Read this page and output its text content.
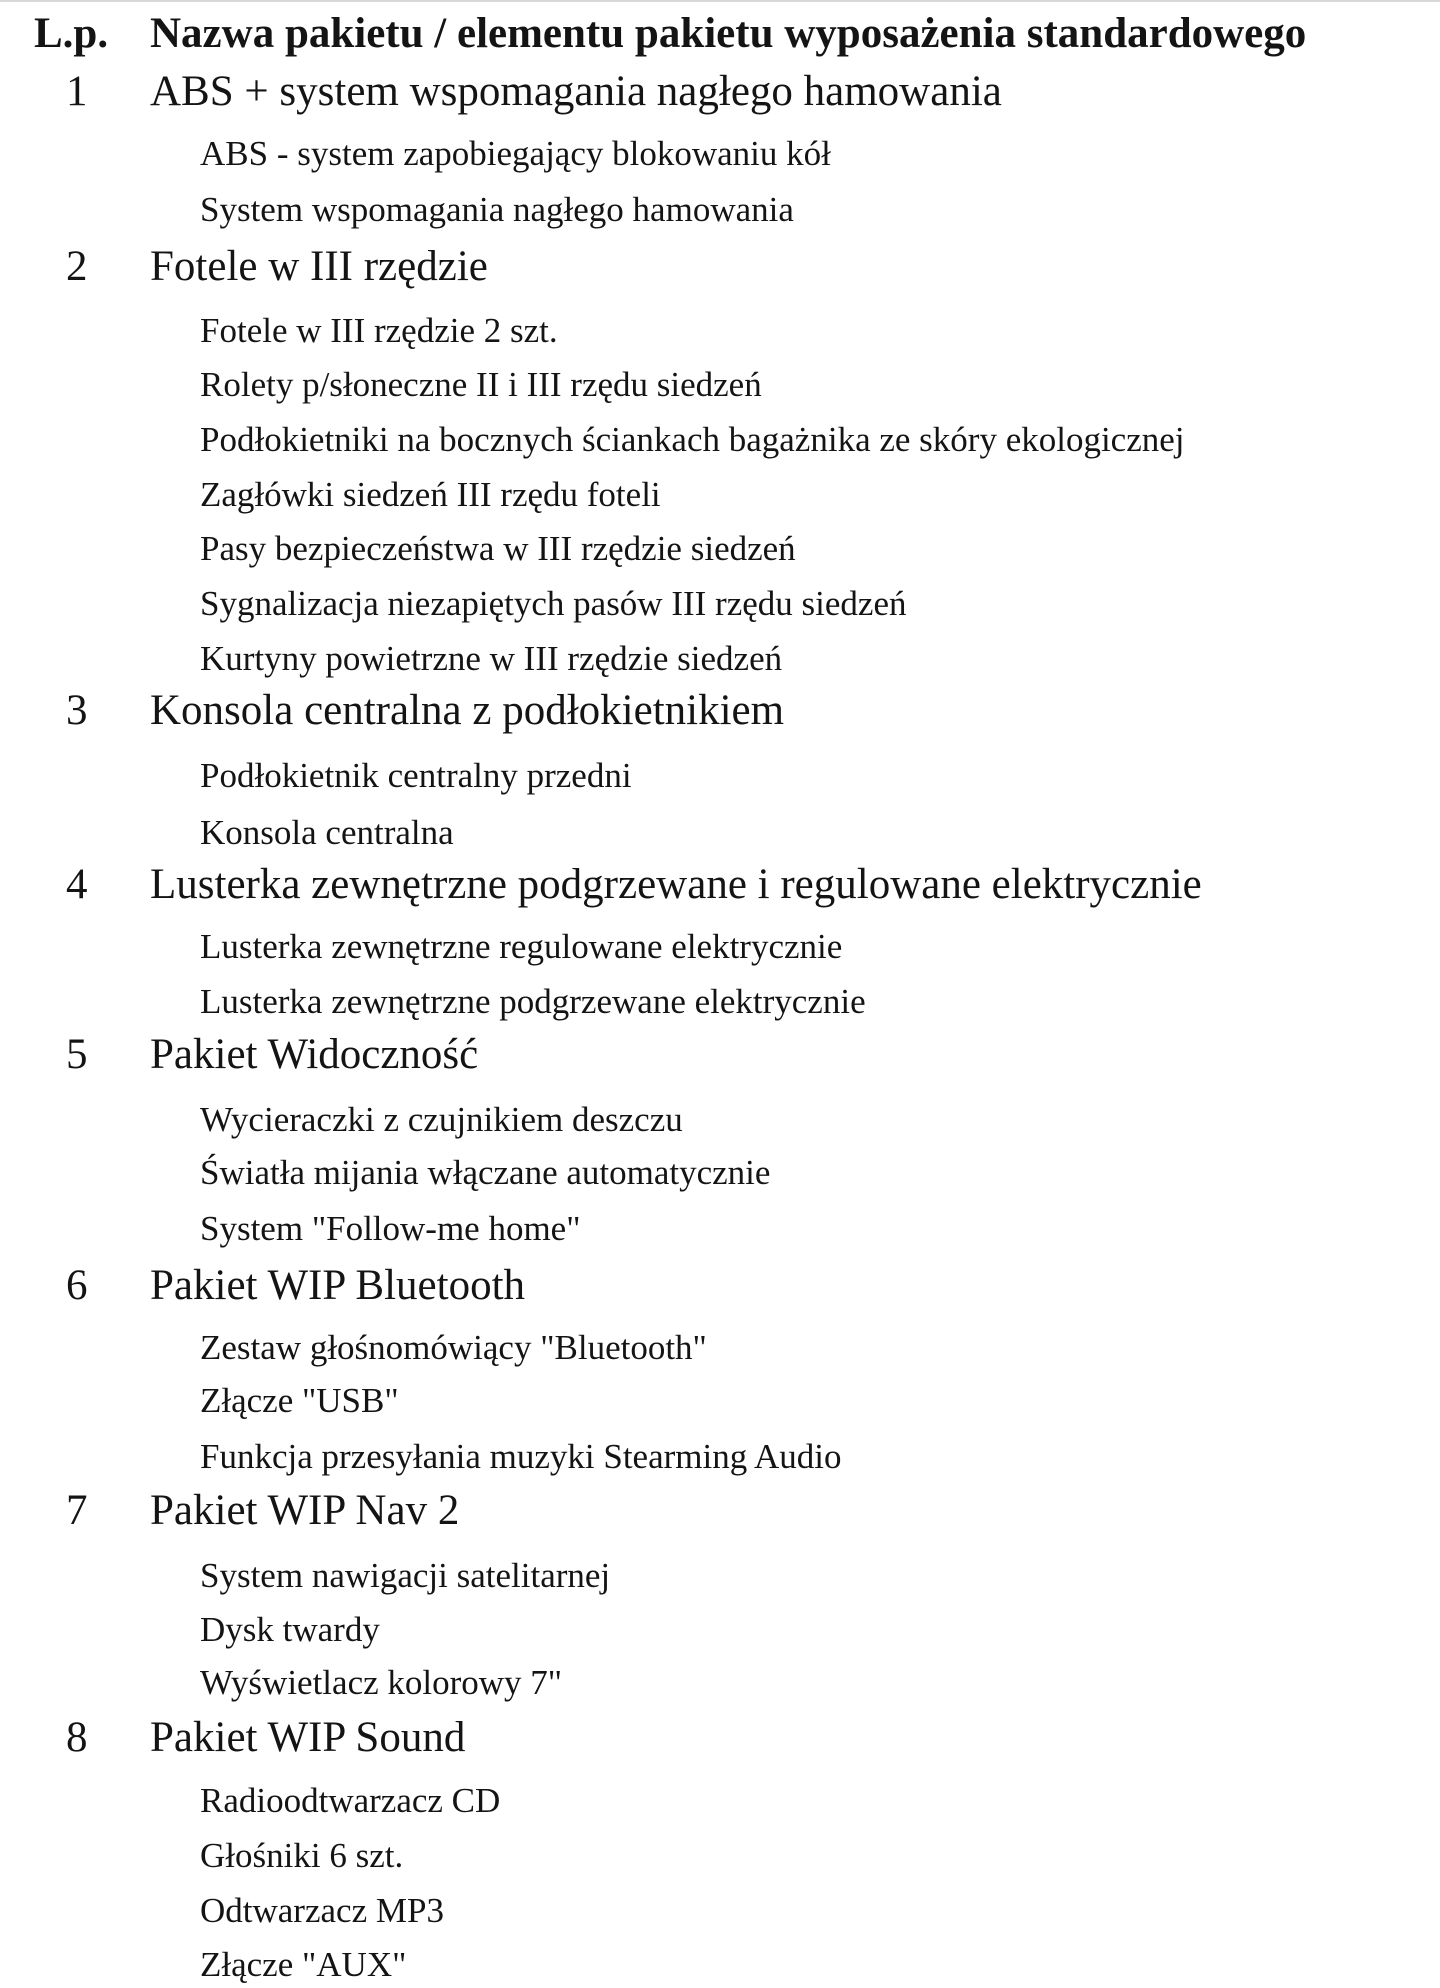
L.p. Nazwa pakietu / elementu pakietu wyposażenia standardowego
1 ABS + system wspomagania nagłego hamowania
ABS - system zapobiegający blokowaniu kół
System wspomagania nagłego hamowania
2 Fotele w III rzędzie
Fotele w III rzędzie 2 szt.
Rolety p/słoneczne II i III rzędu siedzeń
Podłokietniki na bocznych ściankach bagażnika ze skóry ekologicznej
Zagłówki siedzeń III rzędu foteli
Pasy bezpieczeństwa w III rzędzie siedzeń
Sygnalizacja niezapiętych pasów III rzędu siedzeń
Kurtyny powietrzne w III rzędzie siedzeń
3 Konsola centralna z podłokietnikiem
Podłokietnik centralny przedni
Konsola centralna
4 Lusterka zewnętrzne podgrzewane i regulowane elektrycznie
Lusterka zewnętrzne regulowane elektrycznie
Lusterka zewnętrzne podgrzewane elektrycznie
5 Pakiet Widoczność
Wycieraczki z czujnikiem deszczu
Światła mijania włączane automatycznie
System "Follow-me home"
6 Pakiet WIP Bluetooth
Zestaw głośnomówiący "Bluetooth"
Złącze "USB"
Funkcja przesyłania muzyki Stearming Audio
7 Pakiet WIP Nav 2
System nawigacji satelitarnej
Dysk twardy
Wyświetlacz kolorowy 7"
8 Pakiet WIP Sound
Radioodtwarzacz CD
Głośniki 6 szt.
Odtwarzacz MP3
Złącze "AUX"
